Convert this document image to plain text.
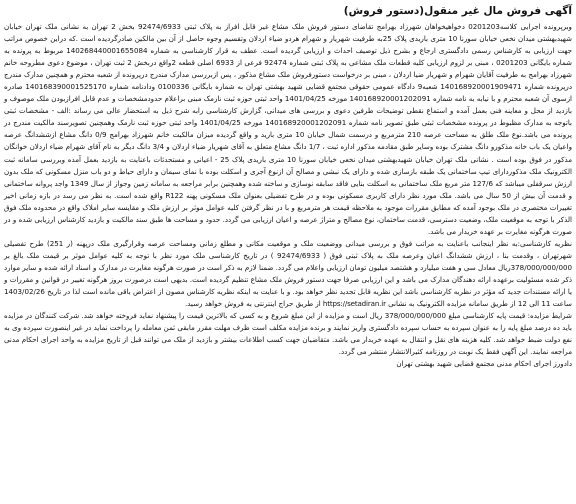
آگهی فروش مال غیر منقول(دستور فروش)

وبرپرونده اجرایی کلاسه0201203 دخواهیخواهان شهرزاد بهرامج تقاضای دستور فروش ملک مشاع غیر قابل افراز به پلاک ثبتی 92474/6933 بخش 2 تهران به نشانی ملک تهران خیابان شهیدبهشتی میدان نخعی خیابان سورنا 10 متری باریدی پلاک 25به طرفیت شهریار و شهرام هردو ضیاء اردلان وتقسیم وجوه حاصل از آن بین مالکین صادرگردیده است .که دراین خصوص مراتب جهت ارزیابی به کارشناس رسمی دادگستری ارجاع و بشرح ذیل توصیف احداث و ارزیابی گردیده است. عطف به قرار کارشناسی به شماره 140268440001655084 مربوط به پرونده به شماره بایگانی 0201203 ، مبنی بر لزوم ارزیابی کلیه قطعات ملک مشاعی به پلاک ثبتی شماره 92474 فرعی از 6933 اصلی قطعه 2واقع دربخش 2 ثبت تهران ، موضوع دعوی مطروحه خانم شهرزاد بهرامج به طرفیت آقایان شهرام و شهریار ضیا اردلان ، مبنی بر درخواست دستورفروش ملک مشاع مذکور ، پس ازبررسی مدارک مندرج درپرونده از شعبه محترم و همچنین مدارک مندرج درپرونده شماره 140168920001909471 شعبه9 دادگاه عمومی حقوقی مجتمع قضایی شهید بهشتی تهران به شماره بایگانی 0100336 ودادنامه شماره 140168390001525170 صادره ازسوی آن شعبه محترم و با نیابه به نامه شماره 140168920001202091 مورخه 1401/04/25 واحد ثبتی حوزه ثبت نارمک مبنی براعلام حدودمشخصات و عدم قابل افرازبودن ملک موصوف و بازدید از محل و معاینه فنی بعمل آمده و استماع نقطی توضیحات طرفین دعوی و بررسی های میدانی، گزارش کارشناسی رابه شرح ذیل به استحضار عالی می رساند :الف - مشخصات ثبتی باتوجه به مدارک مظبوط در پرونده مشخصات ثبتی طبق تصویر نامه شماره 140168920001202091 مورخه 1401/04/25 واحد ثبتی حوزه ثبت نارمک وهمچنین تصویرسند مالکیت مندرج در پرونده می باشد.نوع ملک طلق به مساحت عرصه 210 مترمربع و درسمت شمال خیابان 10 متری بارید و واقع گردیده میزان مالکیت خانم شهرزاد بهرامج 0/9 دانگ مشاع ازششدانگ عرصه واعیان یک باب خانه مذکورو دانگ مشترک بوده وسایر طبق مقادمه مذکور اداره ثبت ، 1/7 دانگ مشاع متعلق به آقای شهریار ضیاء اردلان و 3/4 دانگ دیگر به نام آقای شهرام ضیاء اردلان خوانگان مذکور در فوق بوده است . نشانی ملک تهران خیابان شهیدبهشتی میدان نخعی خیابان سورنا 10 متری باریدی پلاک 25 - اعیانی و مستحدثات باعنایت به بازدید بعمل آمده وبررسی سامانه ثبت الکترونیک ملک مذکوردارای تیپ ساختمانی یک طبقه بازسازی شده و دارای یک نبشی و مصالح آن ازنوع آجری و اسکلت بوده با نمای سیمان و دارای حیاط و دو باب منزل مسکونی که ملک بدون ارزش سرقفلی میباشد که 127/6 متر مربع ملک ساختمانی به اسکلت بنایی فاقد سابقه نوسازی و ساخته شده وهمچنین برابر مراجعه به سامانه زمین وجواز از سال 1349 واجد پروانه ساختمانی و قدمت آن بیش از 50 سال می باشد. ملک مورد نظر دارای کاربری مسکونی بوده و در طرح تفضیلی بعنوان ملک مسکونی پهنه R122 واقع شده است. به نظر می رسد در بازه زمانی اخیر تغییرات مختصری در ملک بوجود آمده که مطابق مقررات موجود به ملاحظه قیمت هر مترمربع و با در نظر گرفتن کلیه عوامل موثر بر ارزش ملک و مقایسه سایر املاک واقع در محدوده ملک فوق الذکر با توجه به موقعیت ملک، وضعیت دسترسی، قدمت ساختمان، نوع مصالح و متراژ عرصه و اعیان ارزیابی می گردد. حدود و مساحت ها طبق سند مالکیت و بازدید کارشناس ارزیابی شده و در صورت هرگونه مغایرت بر عهده خریدار می باشد.

نظریه کارشناسی:به نظر اینجانب باعنایت به مراتب فوق و بررسی میدانی ووضعیت ملک و موقعیت مکانی و مطلع زمانی ومساحت عرصه وقرارگیری ملک درپهنه (ر 251) طرح تفصیلی شهرتهران ، وقدمت بنا ، ارزش ششدانگ اعیان وعرصه ملک به پلاک ثبتی فوق ( 92474/6933 ) در تاریخ کارشناسی ملک مورد نظر با توجه به کلیه عوامل موثر بر قیمت ملک بالغ بر 378/000/000/000ریال معادل سی و هفت میلیارد و هشتصد میلیون تومان ارزیابی واعلام می گردد. ضمنا لازم به ذکر است در صورت هرگونه مغایرت در مدارک و اسناد ارائه شده و سایر موارد ذکر شده مسئولیت برعهده ارائه دهندگان مدارک می باشد و این ارزیابی صرفا جهت دستور فروش ملک مشاع تنظیم گردیده است. بدیهی است درصورت بروز هرگونه تغییر در قوانین و مقررات و یا ارائه مستندات جدید که مؤثر در نظریه کارشناسی باشد این نظریه قابل تجدید نظر خواهد بود. و با عنایت به اینکه نظریه کارشناس مصون از اعتراض باقی مانده است لذا در تاریخ 1403/02/26 ساعت 11 الی 12 از طریق سامانه مزایده الکترونیک به نشانی https://setadiran.ir از طریق حراج اینترنتی به فروش خواهد رسید.

شرایط مزایده: قیمت پایه کارشناسی مبلغ 378/000/000/000 ریال است و مزایده از این مبلغ شروع و به کسی که بالاترین قیمت را پیشنهاد نماید فروخته خواهد شد. شرکت کنندگان در مزایده باید ده درصد مبلغ پایه را به عنوان سپرده به حساب سپرده دادگستری واریز نمایند و برنده مزایده مکلف است ظرف مهلت مقرر مابقی ثمن معامله را پرداخت نماید در غیر اینصورت سپرده وی به نفع دولت ضبط خواهد شد. کلیه هزینه های نقل و انتقال به عهده خریدار می باشد. متقاضیان جهت کسب اطلاعات بیشتر و بازدید از ملک می توانند قبل از تاریخ مزایده به واحد اجرای احکام مدنی مراجعه نمایند. این آگهی فقط یک نوبت در روزنامه کثیرالانتشار منتشر می گردد.

دادورز اجرای احکام مدنی مجتمع قضایی شهید بهشتی تهران
